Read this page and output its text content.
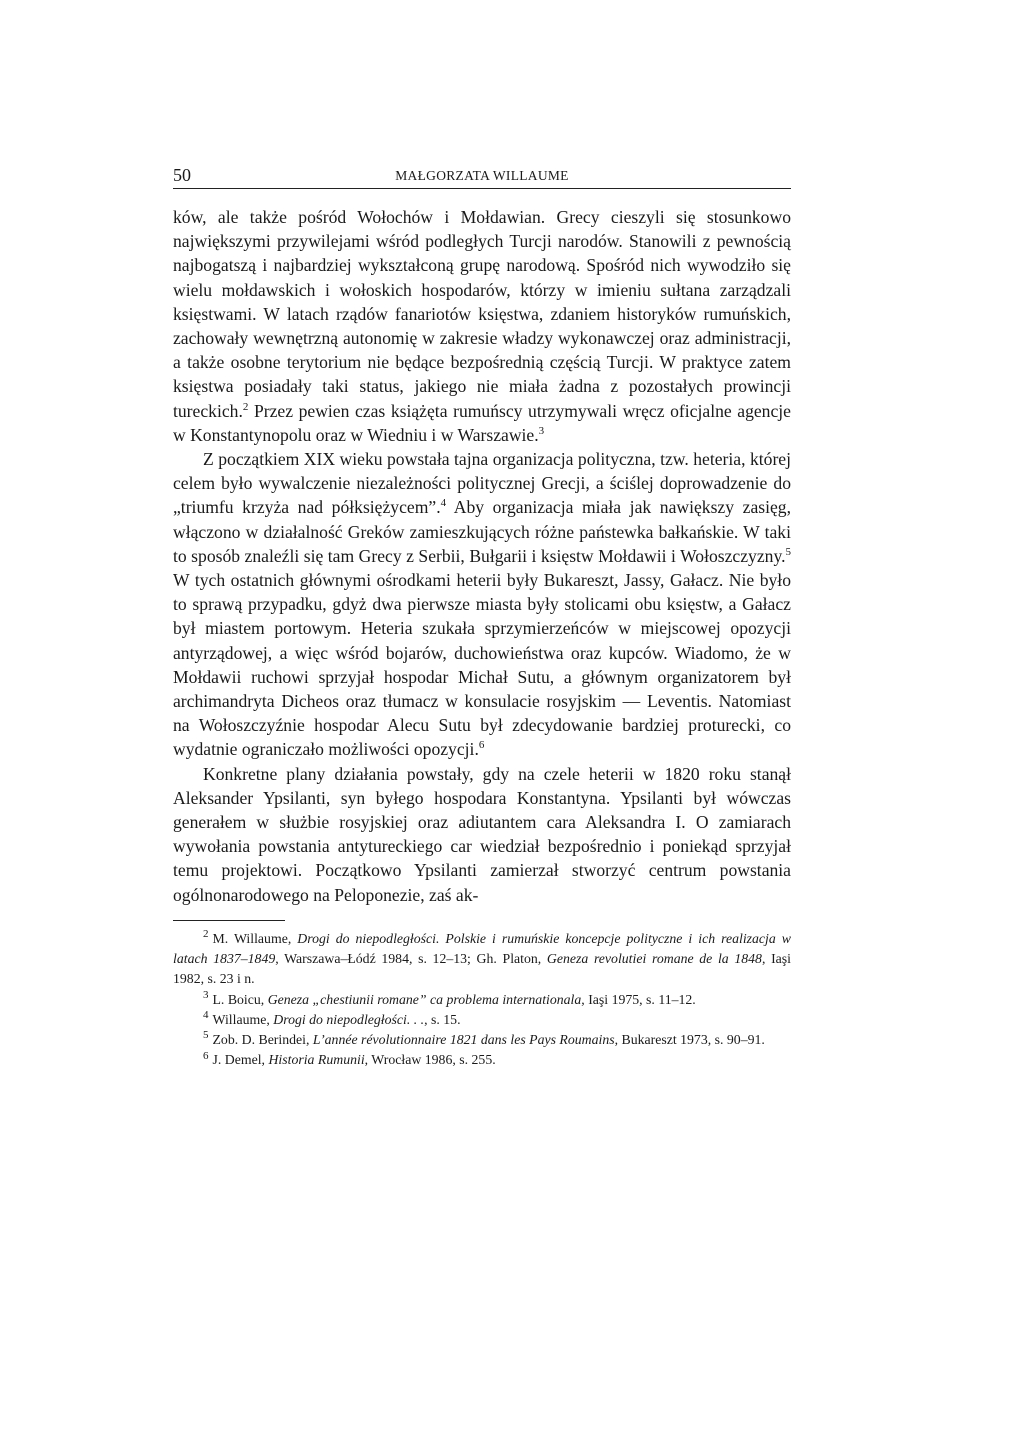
50	MAŁGORZATA WILLAUME

ków, ale także pośród Wołochów i Mołdawian. Grecy cieszyli się stosunkowo największymi przywilejami wśród podległych Turcji narodów. Stanowili z pewnością najbogatszą i najbardziej wykształconą grupę narodową. Spośród nich wywodziło się wielu mołdawskich i wołoskich hospodarów, którzy w imieniu sułtana zarządzali księstwami. W latach rządów fanariotów księstwa, zdaniem historyków rumuńskich, zachowały wewnętrzną autonomię w zakresie władzy wykonawczej oraz administracji, a także osobne terytorium nie będące bezpośrednią częścią Turcji. W praktyce zatem księstwa posiadały taki status, jakiego nie miała żadna z pozostałych prowincji tureckich.$^2$ Przez pewien czas książęta rumuńscy utrzymywali wręcz oficjalne agencje w Konstantynopolu oraz w Wiedniu i w Warszawie.$^3$

Z początkiem XIX wieku powstała tajna organizacja polityczna, tzw. heteria, której celem było wywalczenie niezależności politycznej Grecji, a ściślej doprowadzenie do „triumfu krzyża nad półksiężycem”.$^4$ Aby organizacja miała jak nawiększy zasięg, włączono w działalność Greków zamieszkujących różne państewka bałkańskie. W taki to sposób znaleźli się tam Grecy z Serbii, Bułgarii i księstw Mołdawii i Wołoszczyzny.$^5$ W tych ostatnich głównymi ośrodkami heterii były Bukareszt, Jassy, Gałacz. Nie było to sprawą przypadku, gdyż dwa pierwsze miasta były stolicami obu księstw, a Gałacz był miastem portowym. Heteria szukała sprzymierzeńców w miejscowej opozycji antyrządowej, a więc wśród bojarów, duchowieństwa oraz kupców. Wiadomo, że w Mołdawii ruchowi sprzyjał hospodar Michał Sutu, a głównym organizatorem był archimandryta Dicheos oraz tłumacz w konsulacie rosyjskim — Leventis. Natomiast na Wołoszczyźnie hospodar Alecu Sutu był zdecydowanie bardziej proturecki, co wydatnie ograniczało możliwości opozycji.$^6$

Konkretne plany działania powstały, gdy na czele heterii w 1820 roku stanął Aleksander Ypsilanti, syn byłego hospodara Konstantyna. Ypsilanti był wówczas generałem w służbie rosyjskiej oraz adiutantem cara Aleksandra I. O zamiarach wywołania powstania antytureckiego car wiedział bezpośrednio i poniekąd sprzyjał temu projektowi. Początkowo Ypsilanti zamierzał stworzyć centrum powstania ogólnonarodowego na Peloponezie, zaś ak-

$^2$ M. Willaume, Drogi do niepodległości. Polskie i rumuńskie koncepcje polityczne i ich realizacja w latach 1837–1849, Warszawa–Łódź 1984, s. 12–13; Gh. Platon, Geneza revolutiei romane de la 1848, Iaşi 1982, s. 23 i n.

$^3$ L. Boicu, Geneza „chestiunii romane” ca problema internationala, Iaşi 1975, s. 11–12.

$^4$ Willaume, Drogi do niepodległości. . ., s. 15.

$^5$ Zob. D. Berindei, L’année révolutionnaire 1821 dans les Pays Roumains, Bukareszt 1973, s. 90–91.

$^6$ J. Demel, Historia Rumunii, Wrocław 1986, s. 255.
